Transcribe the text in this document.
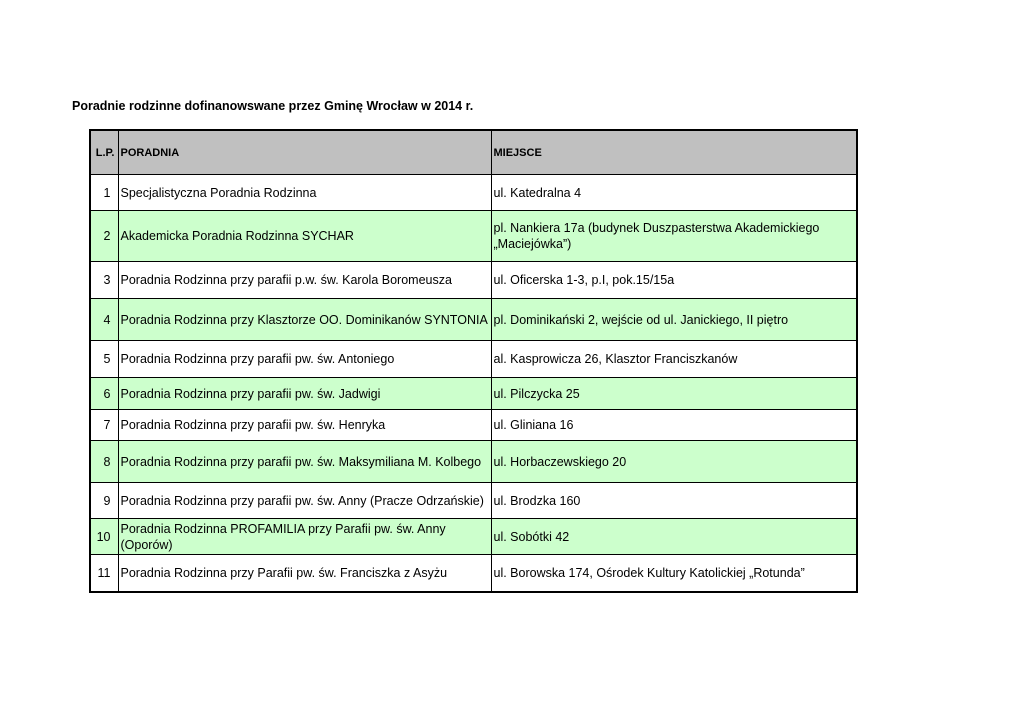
Poradnie rodzinne dofinanowswane przez Gminę Wrocław w 2014 r.
L.P.	PORADNIA	MIEJSCE
1	Specjalistyczna Poradnia Rodzinna	ul. Katedralna 4
2	Akademicka Poradnia Rodzinna SYCHAR	pl. Nankiera 17a (budynek Duszpasterstwa Akademickiego „Maciejówka”)
3	Poradnia Rodzinna przy parafii p.w. św. Karola Boromeusza	ul. Oficerska 1-3, p.I, pok.15/15a
4	Poradnia Rodzinna przy Klasztorze OO. Dominikanów SYNTONIA	pl. Dominikański 2, wejście od ul. Janickiego, II piętro
5	Poradnia Rodzinna przy parafii pw. św. Antoniego	al. Kasprowicza 26, Klasztor Franciszkanów
6	Poradnia Rodzinna przy parafii pw. św. Jadwigi	ul. Pilczycka 25
7	Poradnia Rodzinna przy parafii pw. św. Henryka	ul. Gliniana 16
8	Poradnia Rodzinna przy parafii pw. św. Maksymiliana M. Kolbego	ul. Horbaczewskiego 20
9	Poradnia Rodzinna przy parafii pw. św. Anny (Pracze Odrzańskie)	ul. Brodzka 160
10	Poradnia Rodzinna PROFAMILIA przy Parafii pw. św. Anny (Oporów)	ul. Sobótki 42
11	Poradnia Rodzinna przy Parafii pw. św. Franciszka z Asyżu	ul. Borowska 174, Ośrodek Kultury Katolickiej „Rotunda”
